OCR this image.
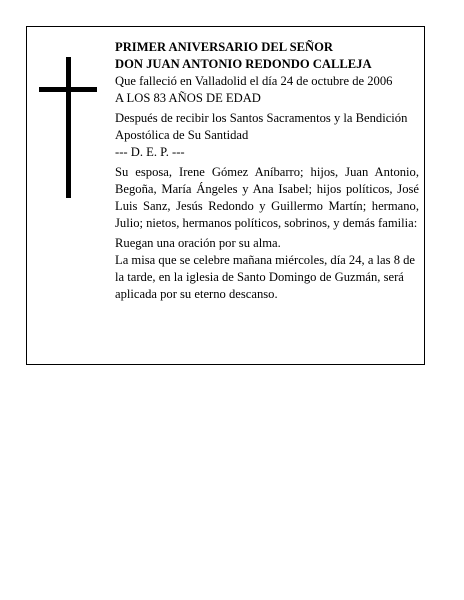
PRIMER ANIVERSARIO DEL SEÑOR

DON JUAN ANTONIO REDONDO CALLEJA

Que falleció en Valladolid el día 24 de octubre de 2006

A LOS 83 AÑOS DE EDAD

Después de recibir los Santos Sacramentos y la Bendición Apostólica de Su Santidad

--- D. E. P. ---

Su esposa, Irene Gómez Aníbarro; hijos, Juan Antonio, Begoña, María Ángeles y Ana Isabel; hijos políticos, José Luis Sanz, Jesús Redondo y Guillermo Martín; hermano, Julio; nietos, hermanos políticos, sobrinos, y demás familia:

Ruegan una oración por su alma.

La misa que se celebre mañana miércoles, día 24, a las 8 de la tarde, en la iglesia de Santo Domingo de Guzmán, será aplicada por su eterno descanso.
